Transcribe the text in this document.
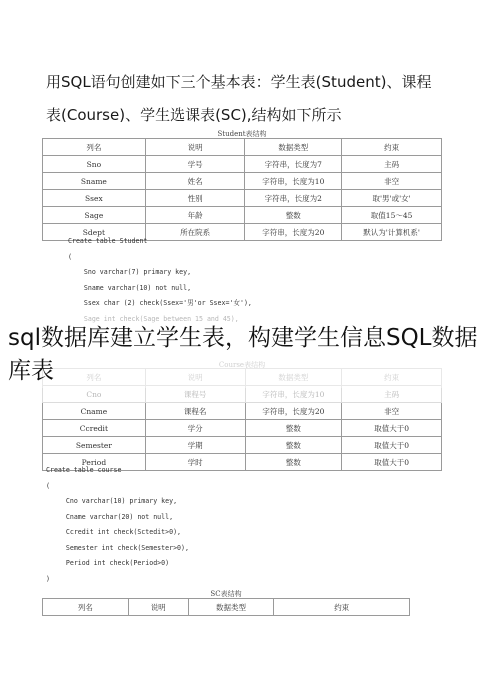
用SQL语句创建如下三个基本表：学生表(Student)、课程
表(Course)、学生选课表(SC),结构如下所示
Student表结构
列名	说明	数据类型	约束
Sno	学号	字符串，长度为7	主码
Sname	姓名	字符串，长度为10	非空
Ssex	性别	字符串，长度为2	取'男'或'女'
Sage	年龄	整数	取值15～45
Sdept	所在院系	字符串，长度为20	默认为'计算机系'
Create table Student
(
Sno varchar(7) primary key,
Sname varchar(10) not null,
Ssex char (2) check(Ssex='男'or Ssex='女'),
Sage int check(Sage between 15 and 45),
Course表结构
列名	说明	数据类型	约束
Cno	课程号	字符串，长度为10	主码
Cname	课程名	字符串，长度为20	非空
Ccredit	学分	整数	取值大于0
Semester	学期	整数	取值大于0
Period	学时	整数	取值大于0
Create table course
(
Cno varchar(10) primary key,
Cname varchar(20) not null,
Ccredit int check(Sctedit>0),
Semester int check(Semester>0),
Period int check(Period>0)
)
SC表结构
列名	说明	数据类型	约束
sql数据库建立学生表，构建学生信息SQL数据库表
